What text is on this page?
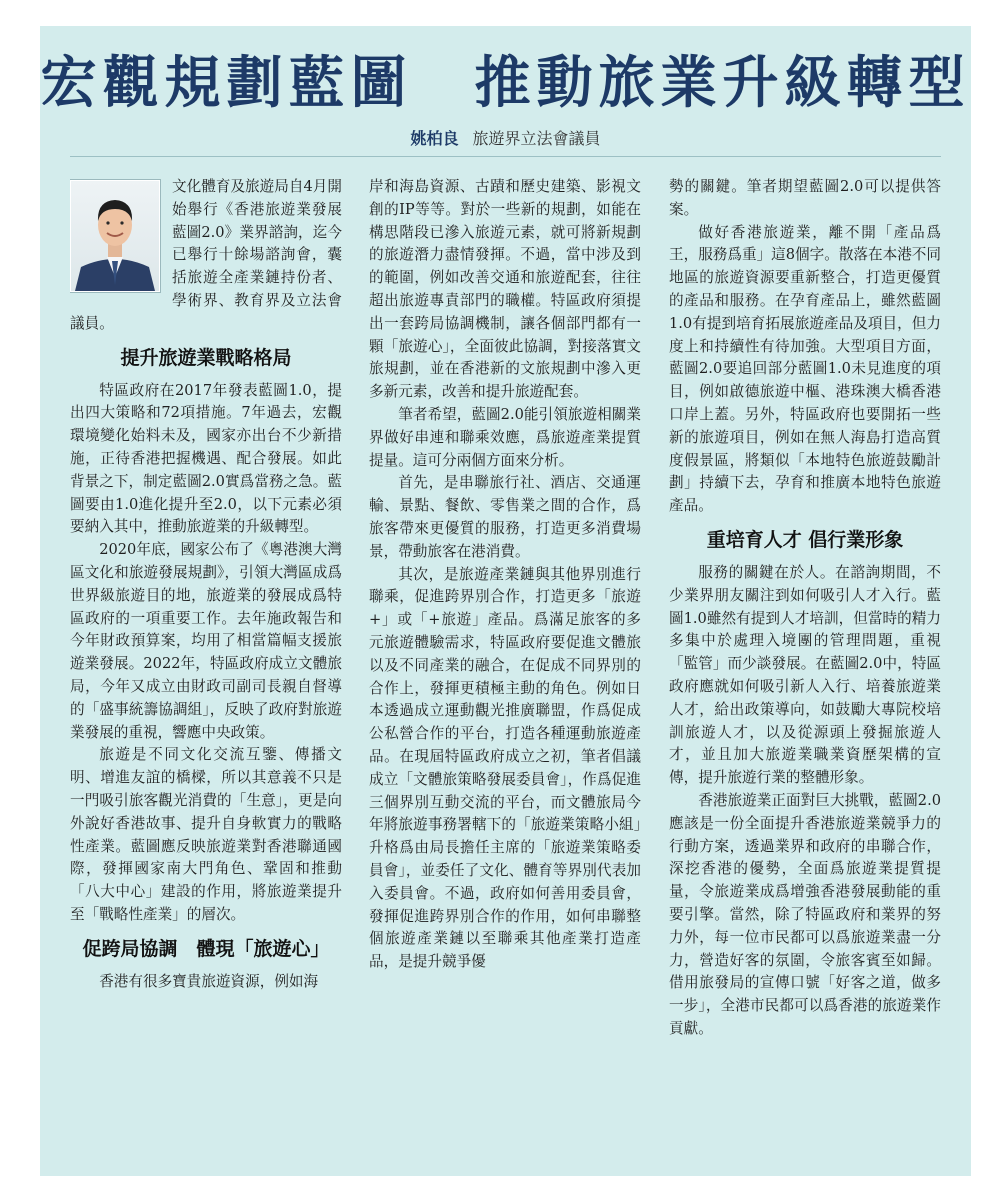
宏觀規劃藍圖　推動旅業升級轉型
姚柏良 旅遊界立法會議員

文化體育及旅遊局自4月開始舉行《香港旅遊業發展藍圖2.0》業界諮詢，迄今已舉行十餘場諮詢會，囊括旅遊全產業鏈持份者、學術界、教育界及立法會議員。

提升旅遊業戰略格局

特區政府在2017年發表藍圖1.0，提出四大策略和72項措施。7年過去，宏觀環境變化始料未及，國家亦出台不少新措施，正待香港把握機遇、配合發展。如此背景之下，制定藍圖2.0實爲當務之急。藍圖要由1.0進化提升至2.0，以下元素必須要納入其中，推動旅遊業的升級轉型。

2020年底，國家公布了《粵港澳大灣區文化和旅遊發展規劃》，引領大灣區成爲世界級旅遊目的地，旅遊業的發展成爲特區政府的一項重要工作。去年施政報告和今年財政預算案，均用了相當篇幅支援旅遊業發展。2022年，特區政府成立文體旅局，今年又成立由財政司副司長親自督導的「盛事統籌協調組」，反映了政府對旅遊業發展的重視，響應中央政策。

旅遊是不同文化交流互鑒、傳播文明、增進友誼的橋樑，所以其意義不只是一門吸引旅客觀光消費的「生意」，更是向外說好香港故事、提升自身軟實力的戰略性產業。藍圖應反映旅遊業對香港聯通國際，發揮國家南大門角色、鞏固和推動「八大中心」建設的作用，將旅遊業提升至「戰略性產業」的層次。

促跨局協調　體現「旅遊心」

香港有很多寶貴旅遊資源，例如海

岸和海島資源、古蹟和歷史建築、影視文創的IP等等。對於一些新的規劃，如能在構思階段已滲入旅遊元素，就可將新規劃的旅遊潛力盡情發揮。不過，當中涉及到的範圍，例如改善交通和旅遊配套，往往超出旅遊專責部門的職權。特區政府須提出一套跨局協調機制，讓各個部門都有一顆「旅遊心」，全面彼此協調，對接落實文旅規劃，並在香港新的文旅規劃中滲入更多新元素，改善和提升旅遊配套。

筆者希望，藍圖2.0能引領旅遊相關業界做好串連和聯乘效應，爲旅遊產業提質提量。這可分兩個方面來分析。

首先，是串聯旅行社、酒店、交通運輸、景點、餐飲、零售業之間的合作，爲旅客帶來更優質的服務，打造更多消費場景，帶動旅客在港消費。

其次，是旅遊產業鏈與其他界別進行聯乘，促進跨界別合作，打造更多「旅遊+」或「+旅遊」產品。爲滿足旅客的多元旅遊體驗需求，特區政府要促進文體旅以及不同產業的融合，在促成不同界別的合作上，發揮更積極主動的角色。例如日本透過成立運動觀光推廣聯盟，作爲促成公私營合作的平台，打造各種運動旅遊產品。在現屆特區政府成立之初，筆者倡議成立「文體旅策略發展委員會」，作爲促進三個界別互動交流的平台，而文體旅局今年將旅遊事務署轄下的「旅遊業策略小組」升格爲由局長擔任主席的「旅遊業策略委員會」，並委任了文化、體育等界別代表加入委員會。不過，政府如何善用委員會，發揮促進跨界別合作的作用，如何串聯整個旅遊產業鏈以至聯乘其他產業打造產品，是提升競爭優

勢的關鍵。筆者期望藍圖2.0可以提供答案。

做好香港旅遊業，離不開「產品爲王，服務爲重」這8個字。散落在本港不同地區的旅遊資源要重新整合，打造更優質的產品和服務。在孕育產品上，雖然藍圖1.0有提到培育拓展旅遊產品及項目，但力度上和持續性有待加強。大型項目方面，藍圖2.0要追回部分藍圖1.0未見進度的項目，例如啟德旅遊中樞、港珠澳大橋香港口岸上蓋。另外，特區政府也要開拓一些新的旅遊項目，例如在無人海島打造高質度假景區，將類似「本地特色旅遊鼓勵計劃」持續下去，孕育和推廣本地特色旅遊產品。

重培育人才 倡行業形象

服務的關鍵在於人。在諮詢期間，不少業界朋友關注到如何吸引人才入行。藍圖1.0雖然有提到人才培訓，但當時的精力多集中於處理入境團的管理問題，重視「監管」而少談發展。在藍圖2.0中，特區政府應就如何吸引新人入行、培養旅遊業人才，給出政策導向，如鼓勵大專院校培訓旅遊人才，以及從源頭上發掘旅遊人才，並且加大旅遊業職業資歷架構的宣傳，提升旅遊行業的整體形象。

香港旅遊業正面對巨大挑戰，藍圖2.0應該是一份全面提升香港旅遊業競爭力的行動方案，透過業界和政府的串聯合作，深挖香港的優勢，全面爲旅遊業提質提量，令旅遊業成爲增強香港發展動能的重要引擎。當然，除了特區政府和業界的努力外，每一位市民都可以爲旅遊業盡一分力，營造好客的氛圍，令旅客賓至如歸。借用旅發局的宣傳口號「好客之道，做多一步」，全港市民都可以爲香港的旅遊業作貢獻。
